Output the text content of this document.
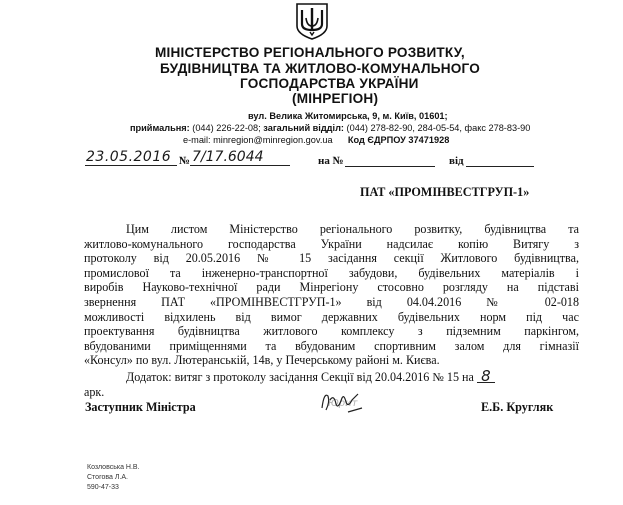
МІНІСТЕРСТВО РЕГІОНАЛЬНОГО РОЗВИТКУ,
БУДІВНИЦТВА ТА ЖИТЛОВО-КОМУНАЛЬНОГО
ГОСПОДАРСТВА УКРАЇНИ
(МІНРЕГІОН)
вул. Велика Житомирська, 9, м. Київ, 01601;
приймальня: (044) 226-22-08; загальний відділ: (044) 278-82-90, 284-05-54, факс 278-83-90
e-mail: minregion@minregion.gov.ua Код ЄДРПОУ 37471928
23.05.2016 № 7/17.6044	на №	від
ПАТ «ПРОМІНВЕСТГРУП-1»
Цим листом Міністерство регіонального розвитку, будівництва та
житлово-комунального господарства України надсилає копію Витягу з
протоколу від 20.05.2016 № 15 засідання секції Житлового будівництва,
промислової та інженерно-транспортної забудови, будівельних матеріалів і
виробів Науково-технічної ради Мінрегіону стосовно розгляду на підставі
звернення ПАТ «ПРОМІНВЕСТГРУП-1» від 04.04.2016 № 02-018
можливості відхилень від вимог державних будівельних норм під час
проектування будівництва житлового комплексу з підземним паркінгом,
вбудованими приміщеннями та вбудованим спортивним залом для гімназії
«Консул» по вул. Лютеранській, 14в, у Печерському районі м. Києва.
Додаток: витяг з протоколу засідання Секції від 20.04.2016 № 15 на 8
арк.
Заступник Міністра	Юрит	Е.Б. Кругляк
Козловська Н.В.
Стогова Л.А.
590-47-33
